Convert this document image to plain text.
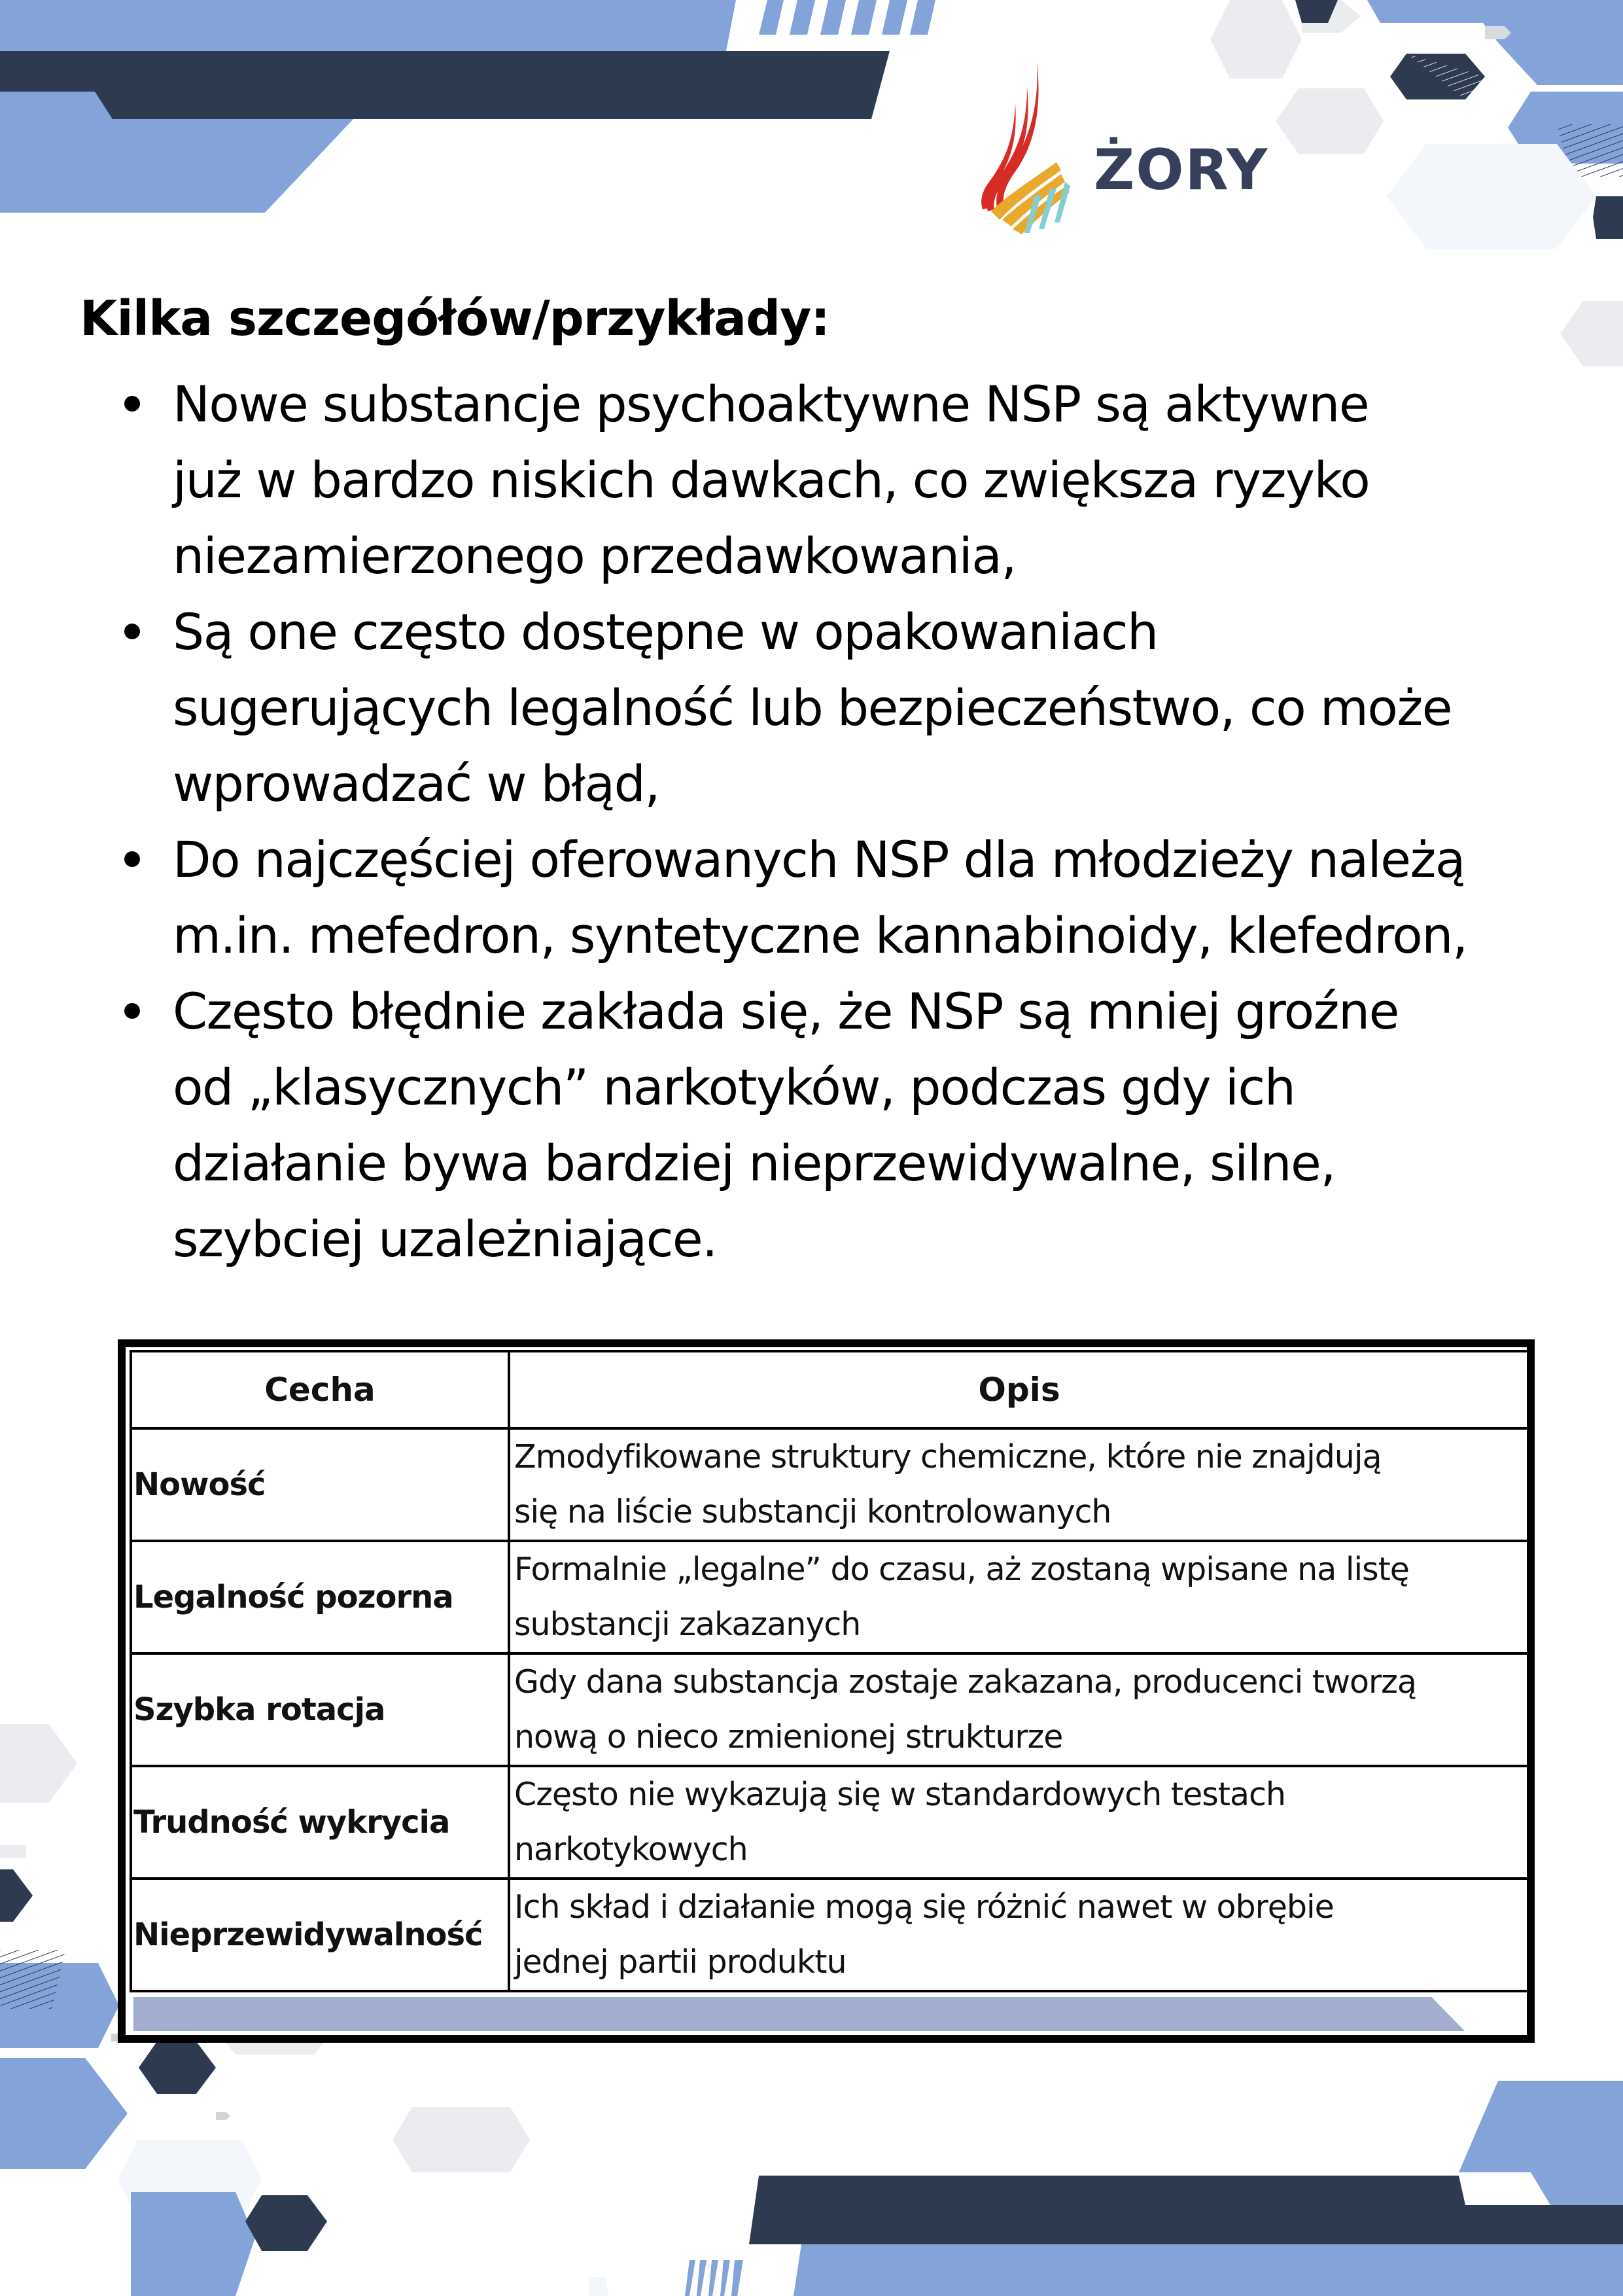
ŻORY
Kilka szczegółów/przykłady:
Nowe substancje psychoaktywne NSP są aktywne
już w bardzo niskich dawkach, co zwiększa ryzyko
niezamierzonego przedawkowania,
Są one często dostępne w opakowaniach
sugerujących legalność lub bezpieczeństwo, co może
wprowadzać w błąd,
Do najczęściej oferowanych NSP dla młodzieży należą
m.in. mefedron, syntetyczne kannabinoidy, klefedron,
Często błędnie zakłada się, że NSP są mniej groźne
od „klasycznych” narkotyków, podczas gdy ich
działanie bywa bardziej nieprzewidywalne, silne,
szybciej uzależniające.
Cecha	Opis
Nowość	Zmodyfikowane struktury chemiczne, które nie znajdują
się na liście substancji kontrolowanych

Legalność pozorna	Formalnie „legalne” do czasu, aż zostaną wpisane na listę
substancji zakazanych

Szybka rotacja	Gdy dana substancja zostaje zakazana, producenci tworzą
nową o nieco zmienionej strukturze

Trudność wykrycia	Często nie wykazują się w standardowych testach
narkotykowych

Nieprzewidywalność	Ich skład i działanie mogą się różnić nawet w obrębie
jednej partii produktu
